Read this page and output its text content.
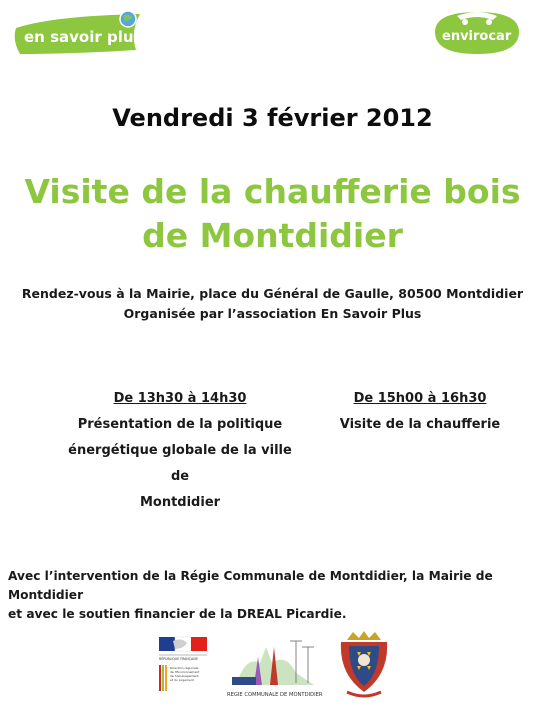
en savoir plus	envirocar
Vendredi 3 février 2012
Visite de la chaufferie bois
de Montdidier
Rendez-vous à la Mairie, place du Général de Gaulle, 80500 Montdidier
Organisée par l’association En Savoir Plus
De 13h30 à 14h30
Présentation de la politique
énergétique globale de la ville de
Montdidier
De 15h00 à 16h30
Visite de la chaufferie
Avec l’intervention de la Régie Communale de Montdidier, la Mairie de Montdidier
et avec le soutien financier de la DREAL Picardie.
RÉPUBLIQUE FRANÇAISE
Direction régionale de l'Environnement de l'Aménagement et du Logement
REGIE COMMUNALE DE MONTDIDIER
